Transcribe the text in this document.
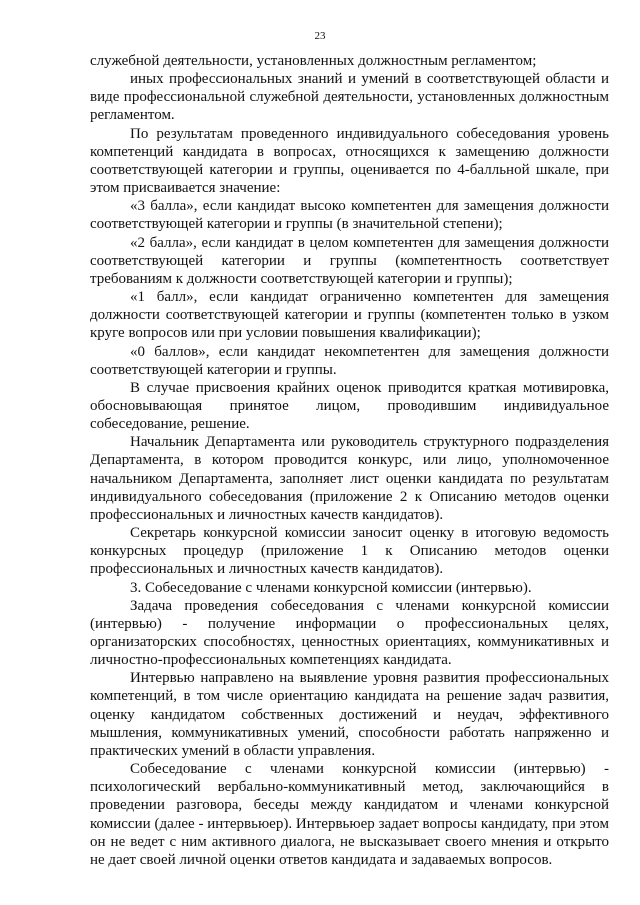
23

служебной деятельности, установленных должностным регламентом;

иных профессиональных знаний и умений в соответствующей области и виде профессиональной служебной деятельности, установленных должностным регламентом.

По результатам проведенного индивидуального собеседования уровень компетенций кандидата в вопросах, относящихся к замещению должности соответствующей категории и группы, оценивается по 4-балльной шкале, при этом присваивается значение:

«3 балла», если кандидат высоко компетентен для замещения должности соответствующей категории и группы (в значительной степени);

«2 балла», если кандидат в целом компетентен для замещения должности соответствующей категории и группы (компетентность соответствует требованиям к должности соответствующей категории и группы);

«1 балл», если кандидат ограниченно компетентен для замещения должности соответствующей категории и группы (компетентен только в узком круге вопросов или при условии повышения квалификации);

«0 баллов», если кандидат некомпетентен для замещения должности соответствующей категории и группы.

В случае присвоения крайних оценок приводится краткая мотивировка, обосновывающая принятое лицом, проводившим индивидуальное собеседование, решение.

Начальник Департамента или руководитель структурного подразделения Департамента, в котором проводится конкурс, или лицо, уполномоченное начальником Департамента, заполняет лист оценки кандидата по результатам индивидуального собеседования (приложение 2 к Описанию методов оценки профессиональных и личностных качеств кандидатов).

Секретарь конкурсной комиссии заносит оценку в итоговую ведомость конкурсных процедур (приложение 1 к Описанию методов оценки профессиональных и личностных качеств кандидатов).

3. Собеседование с членами конкурсной комиссии (интервью).

Задача проведения собеседования с членами конкурсной комиссии (интервью) - получение информации о профессиональных целях, организаторских способностях, ценностных ориентациях, коммуникативных и личностно-профессиональных компетенциях кандидата.

Интервью направлено на выявление уровня развития профессиональных компетенций, в том числе ориентацию кандидата на решение задач развития, оценку кандидатом собственных достижений и неудач, эффективного мышления, коммуникативных умений, способности работать напряженно и практических умений в области управления.

Собеседование с членами конкурсной комиссии (интервью) - психологический вербально-коммуникативный метод, заключающийся в проведении разговора, беседы между кандидатом и членами конкурсной комиссии (далее - интервьюер). Интервьюер задает вопросы кандидату, при этом он не ведет с ним активного диалога, не высказывает своего мнения и открыто не дает своей личной оценки ответов кандидата и задаваемых вопросов.
